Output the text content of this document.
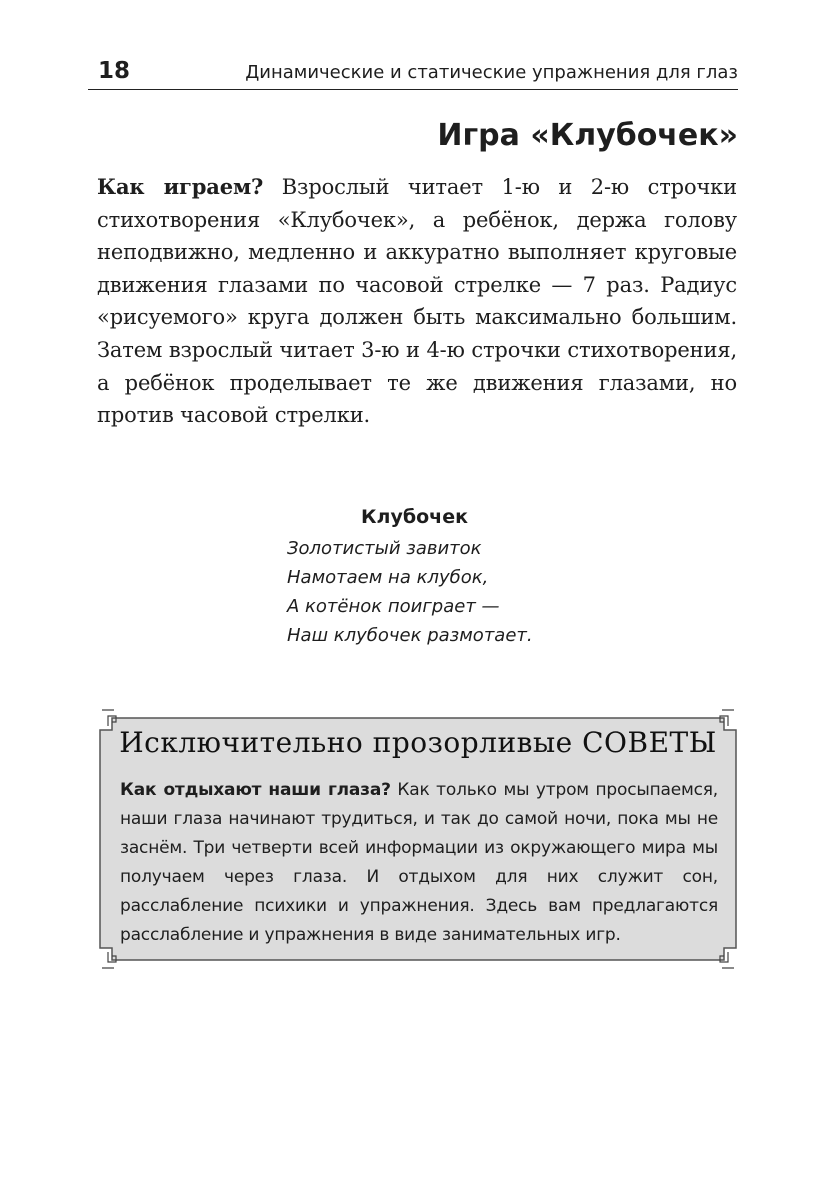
18	Динамические и статические упражнения для глаз
Игра «Клубочек»

Как играем? Взрослый читает 1-ю и 2-ю строчки стихотворения «Клубочек», а ребёнок, держа голову неподвижно, медленно и аккуратно выполняет круговые движения глазами по часовой стрелке — 7 раз. Радиус «рисуемого» круга должен быть максимально большим. Затем взрослый читает 3-ю и 4-ю строчки стихотворения, а ребёнок проделывает те же движения глазами, но против часовой стрелки.

Клубочек
Золотистый завиток
Намотаем на клубок,
А котёнок поиграет —
Наш клубочек размотает.
Исключительно прозорливые СОВЕТЫ

Как отдыхают наши глаза? Как только мы утром просыпаемся, наши глаза начинают трудиться, и так до самой ночи, пока мы не заснём. Три четверти всей информации из окружающего мира мы получаем через глаза. И отдыхом для них служит сон, расслабление психики и упражнения. Здесь вам предлагаются расслабление и упражнения в виде занимательных игр.
